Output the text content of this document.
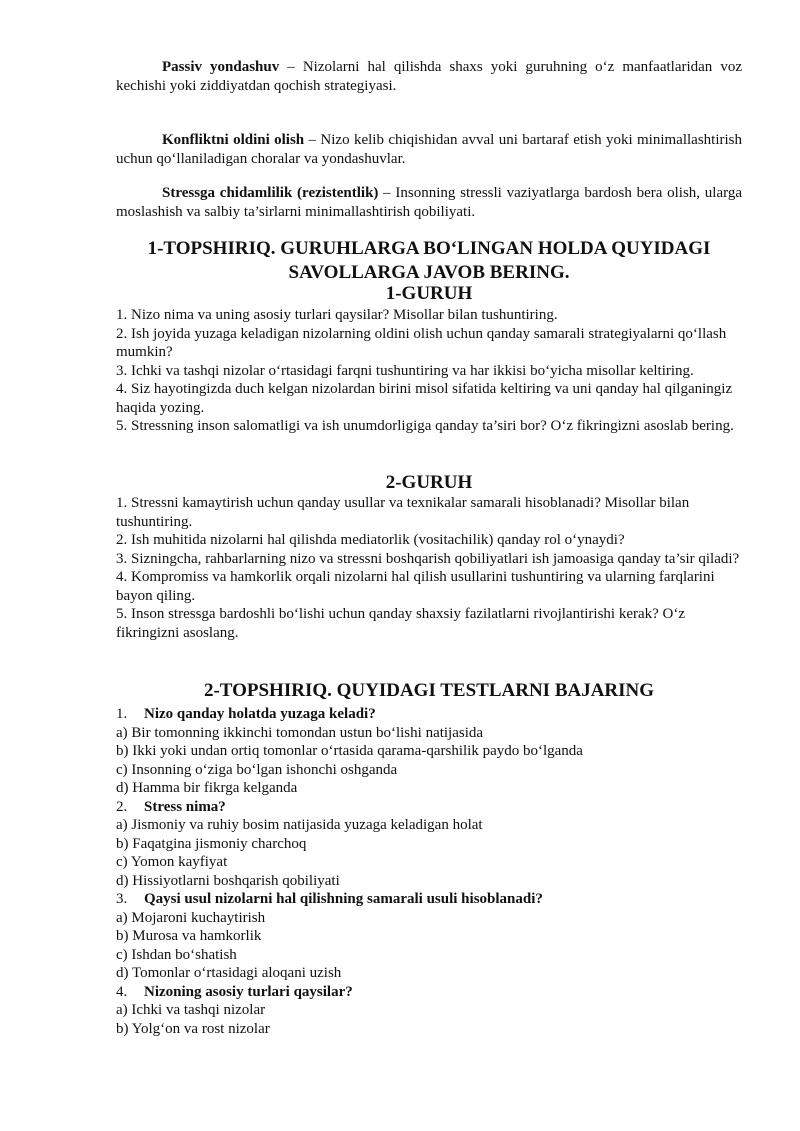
Passiv yondashuv – Nizolarni hal qilishda shaxs yoki guruhning o‘z manfaatlaridan voz kechishi yoki ziddiyatdan qochish strategiyasi.

Konfliktni oldini olish – Nizo kelib chiqishidan avval uni bartaraf etish yoki minimallashtirish uchun qo‘llaniladigan choralar va yondashuvlar.

Stressga chidamlilik (rezistentlik) – Insonning stressli vaziyatlarga bardosh bera olish, ularga moslashish va salbiy ta’sirlarni minimallashtirish qobiliyati.

1-TOPSHIRIQ. GURUHLARGA BO‘LINGAN HOLDA QUYIDAGI
SAVOLLARGA JAVOB BERING.
1-GURUH
1. Nizo nima va uning asosiy turlari qaysilar? Misollar bilan tushuntiring.
2. Ish joyida yuzaga keladigan nizolarning oldini olish uchun qanday samarali strategiyalarni qo‘llash mumkin?
3. Ichki va tashqi nizolar o‘rtasidagi farqni tushuntiring va har ikkisi bo‘yicha misollar keltiring.
4. Siz hayotingizda duch kelgan nizolardan birini misol sifatida keltiring va uni qanday hal qilganingiz haqida yozing.
5. Stressning inson salomatligi va ish unumdorligiga qanday ta’siri bor? O‘z fikringizni asoslab bering.
2-GURUH
1. Stressni kamaytirish uchun qanday usullar va texnikalar samarali hisoblanadi? Misollar bilan tushuntiring.
2. Ish muhitida nizolarni hal qilishda mediatorlik (vositachilik) qanday rol o‘ynaydi?
3. Sizningcha, rahbarlarning nizo va stressni boshqarish qobiliyatlari ish jamoasiga qanday ta’sir qiladi?
4. Kompromiss va hamkorlik orqali nizolarni hal qilish usullarini tushuntiring va ularning farqlarini bayon qiling.
5. Inson stressga bardoshli bo‘lishi uchun qanday shaxsiy fazilatlarni rivojlantirishi kerak? O‘z fikringizni asoslang.
2-TOPSHIRIQ. QUYIDAGI TESTLARNI BAJARING
1. Nizo qanday holatda yuzaga keladi?
a) Bir tomonning ikkinchi tomondan ustun bo‘lishi natijasida
b) Ikki yoki undan ortiq tomonlar o‘rtasida qarama-qarshilik paydo bo‘lganda
c) Insonning o‘ziga bo‘lgan ishonchi oshganda
d) Hamma bir fikrga kelganda
2. Stress nima?
a) Jismoniy va ruhiy bosim natijasida yuzaga keladigan holat
b) Faqatgina jismoniy charchoq
c) Yomon kayfiyat
d) Hissiyotlarni boshqarish qobiliyati
3. Qaysi usul nizolarni hal qilishning samarali usuli hisoblanadi?
a) Mojaroni kuchaytirish
b) Murosa va hamkorlik
c) Ishdan bo‘shatish
d) Tomonlar o‘rtasidagi aloqani uzish
4. Nizoning asosiy turlari qaysilar?
a) Ichki va tashqi nizolar
b) Yolg‘on va rost nizolar
